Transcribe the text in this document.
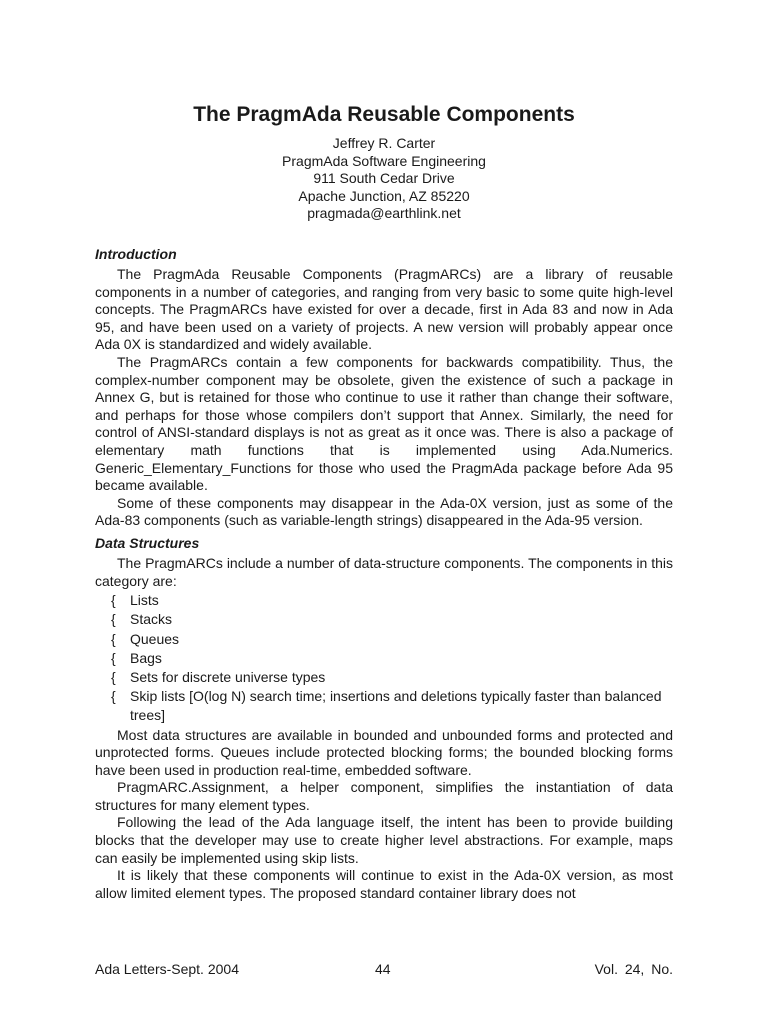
The PragmAda Reusable Components
Jeffrey R. Carter
PragmAda Software Engineering
911 South Cedar Drive
Apache Junction, AZ 85220
pragmada@earthlink.net
Introduction

The PragmAda Reusable Components (PragmARCs) are a library of reusable components in a number of categories, and ranging from very basic to some quite high-level concepts. The PragmARCs have existed for over a decade, first in Ada 83 and now in Ada 95, and have been used on a variety of projects. A new version will probably appear once Ada 0X is standardized and widely available.

The PragmARCs contain a few components for backwards compatibility. Thus, the complex-number component may be obsolete, given the existence of such a package in Annex G, but is retained for those who continue to use it rather than change their software, and perhaps for those whose compilers don’t support that Annex. Similarly, the need for control of ANSI-standard displays is not as great as it once was. There is also a package of elementary math functions that is implemented using Ada.Numerics. Generic_Elementary_Functions for those who used the PragmAda package before Ada 95 became available.

Some of these components may disappear in the Ada-0X version, just as some of the Ada-83 components (such as variable-length strings) disappeared in the Ada-95 version.

Data Structures

The PragmARCs include a number of data-structure components. The components in this category are:

{ Lists
{ Stacks
{ Queues
{ Bags
{ Sets for discrete universe types
{ Skip lists [O(log N) search time; insertions and deletions typically faster than balanced trees]

Most data structures are available in bounded and unbounded forms and protected and unprotected forms. Queues include protected blocking forms; the bounded blocking forms have been used in production real-time, embedded software.

PragmARC.Assignment, a helper component, simplifies the instantiation of data structures for many element types.

Following the lead of the Ada language itself, the intent has been to provide building blocks that the developer may use to create higher level abstractions. For example, maps can easily be implemented using skip lists.

It is likely that these components will continue to exist in the Ada-0X version, as most allow limited element types. The proposed standard container library does not

Ada Letters-Sept. 2004	44	Vol. 24, No.
